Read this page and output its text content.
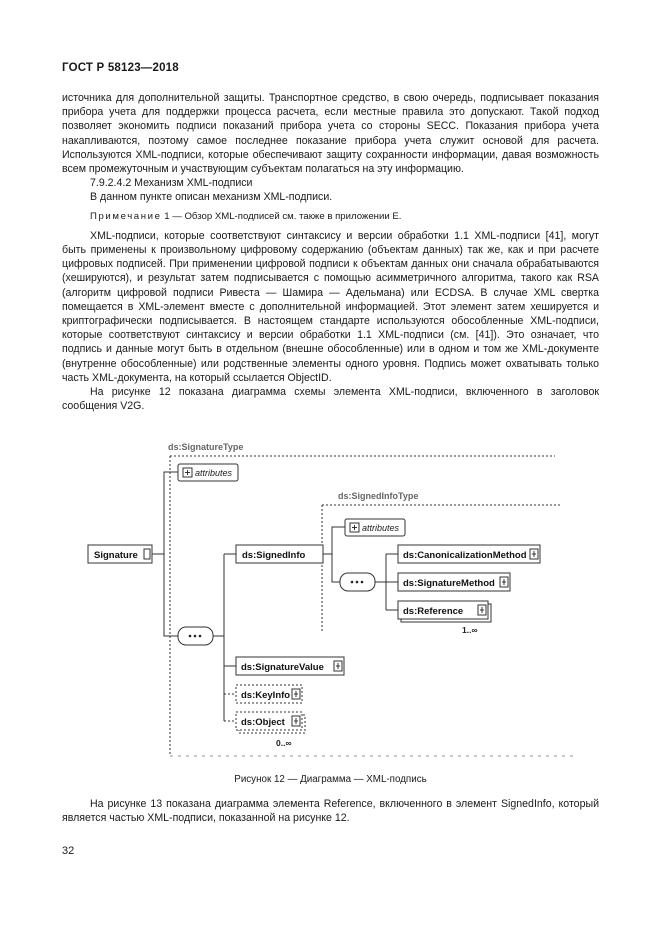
ГОСТ Р 58123—2018

источника для дополнительной защиты. Транспортное средство, в свою очередь, подписывает показания прибора учета для поддержки процесса расчета, если местные правила это допускают. Такой подход позволяет экономить подписи показаний прибора учета со стороны SECC. Показания прибора учета накапливаются, поэтому самое последнее показание прибора учета служит основой для расчета. Используются XML-подписи, которые обеспечивают защиту сохранности информации, давая возможность всем промежуточным и участвующим субъектам полагаться на эту информацию.

7.9.2.4.2 Механизм XML-подписи

В данном пункте описан механизм XML-подписи.

Примечание 1 — Обзор XML-подписей см. также в приложении Е.

XML-подписи, которые соответствуют синтаксису и версии обработки 1.1 XML-подписи [41], могут быть применены к произвольному цифровому содержанию (объектам данных) так же, как и при расчете цифровых подписей. При применении цифровой подписи к объектам данных они сначала обрабатываются (хешируются), и результат затем подписывается с помощью асимметричного алгоритма, такого как RSA (алгоритм цифровой подписи Ривеста — Шамира — Адельмана) или ECDSA. В случае XML свертка помещается в XML-элемент вместе с дополнительной информацией. Этот элемент затем хешируется и криптографически подписывается. В настоящем стандарте используются обособленные XML-подписи, которые соответствуют синтаксису и версии обработки 1.1 XML-подписи (см. [41]). Это означает, что подпись и данные могут быть в отдельном (внешне обособленные) или в одном и том же XML-документе (внутренне обособленные) или родственные элементы одного уровня. Подпись может охватывать только часть XML-документа, на который ссылается ObjectID.

На рисунке 12 показана диаграмма схемы элемента XML-подписи, включенного в заголовок сообщения V2G.

ds:SignatureType
ds:SignedInfoType
attributes
Signature	ds:SignedInfo
attributes
ds:CanonicalizationMethod
ds:SignatureMethod
ds:Reference
1..∞
ds:SignatureValue
ds:KeyInfo
ds:Object
0..∞
Рисунок 12 — Диаграмма — XML-подпись

На рисунке 13 показана диаграмма элемента Reference, включенного в элемент SignedInfo, который является частью XML-подписи, показанной на рисунке 12.

32
